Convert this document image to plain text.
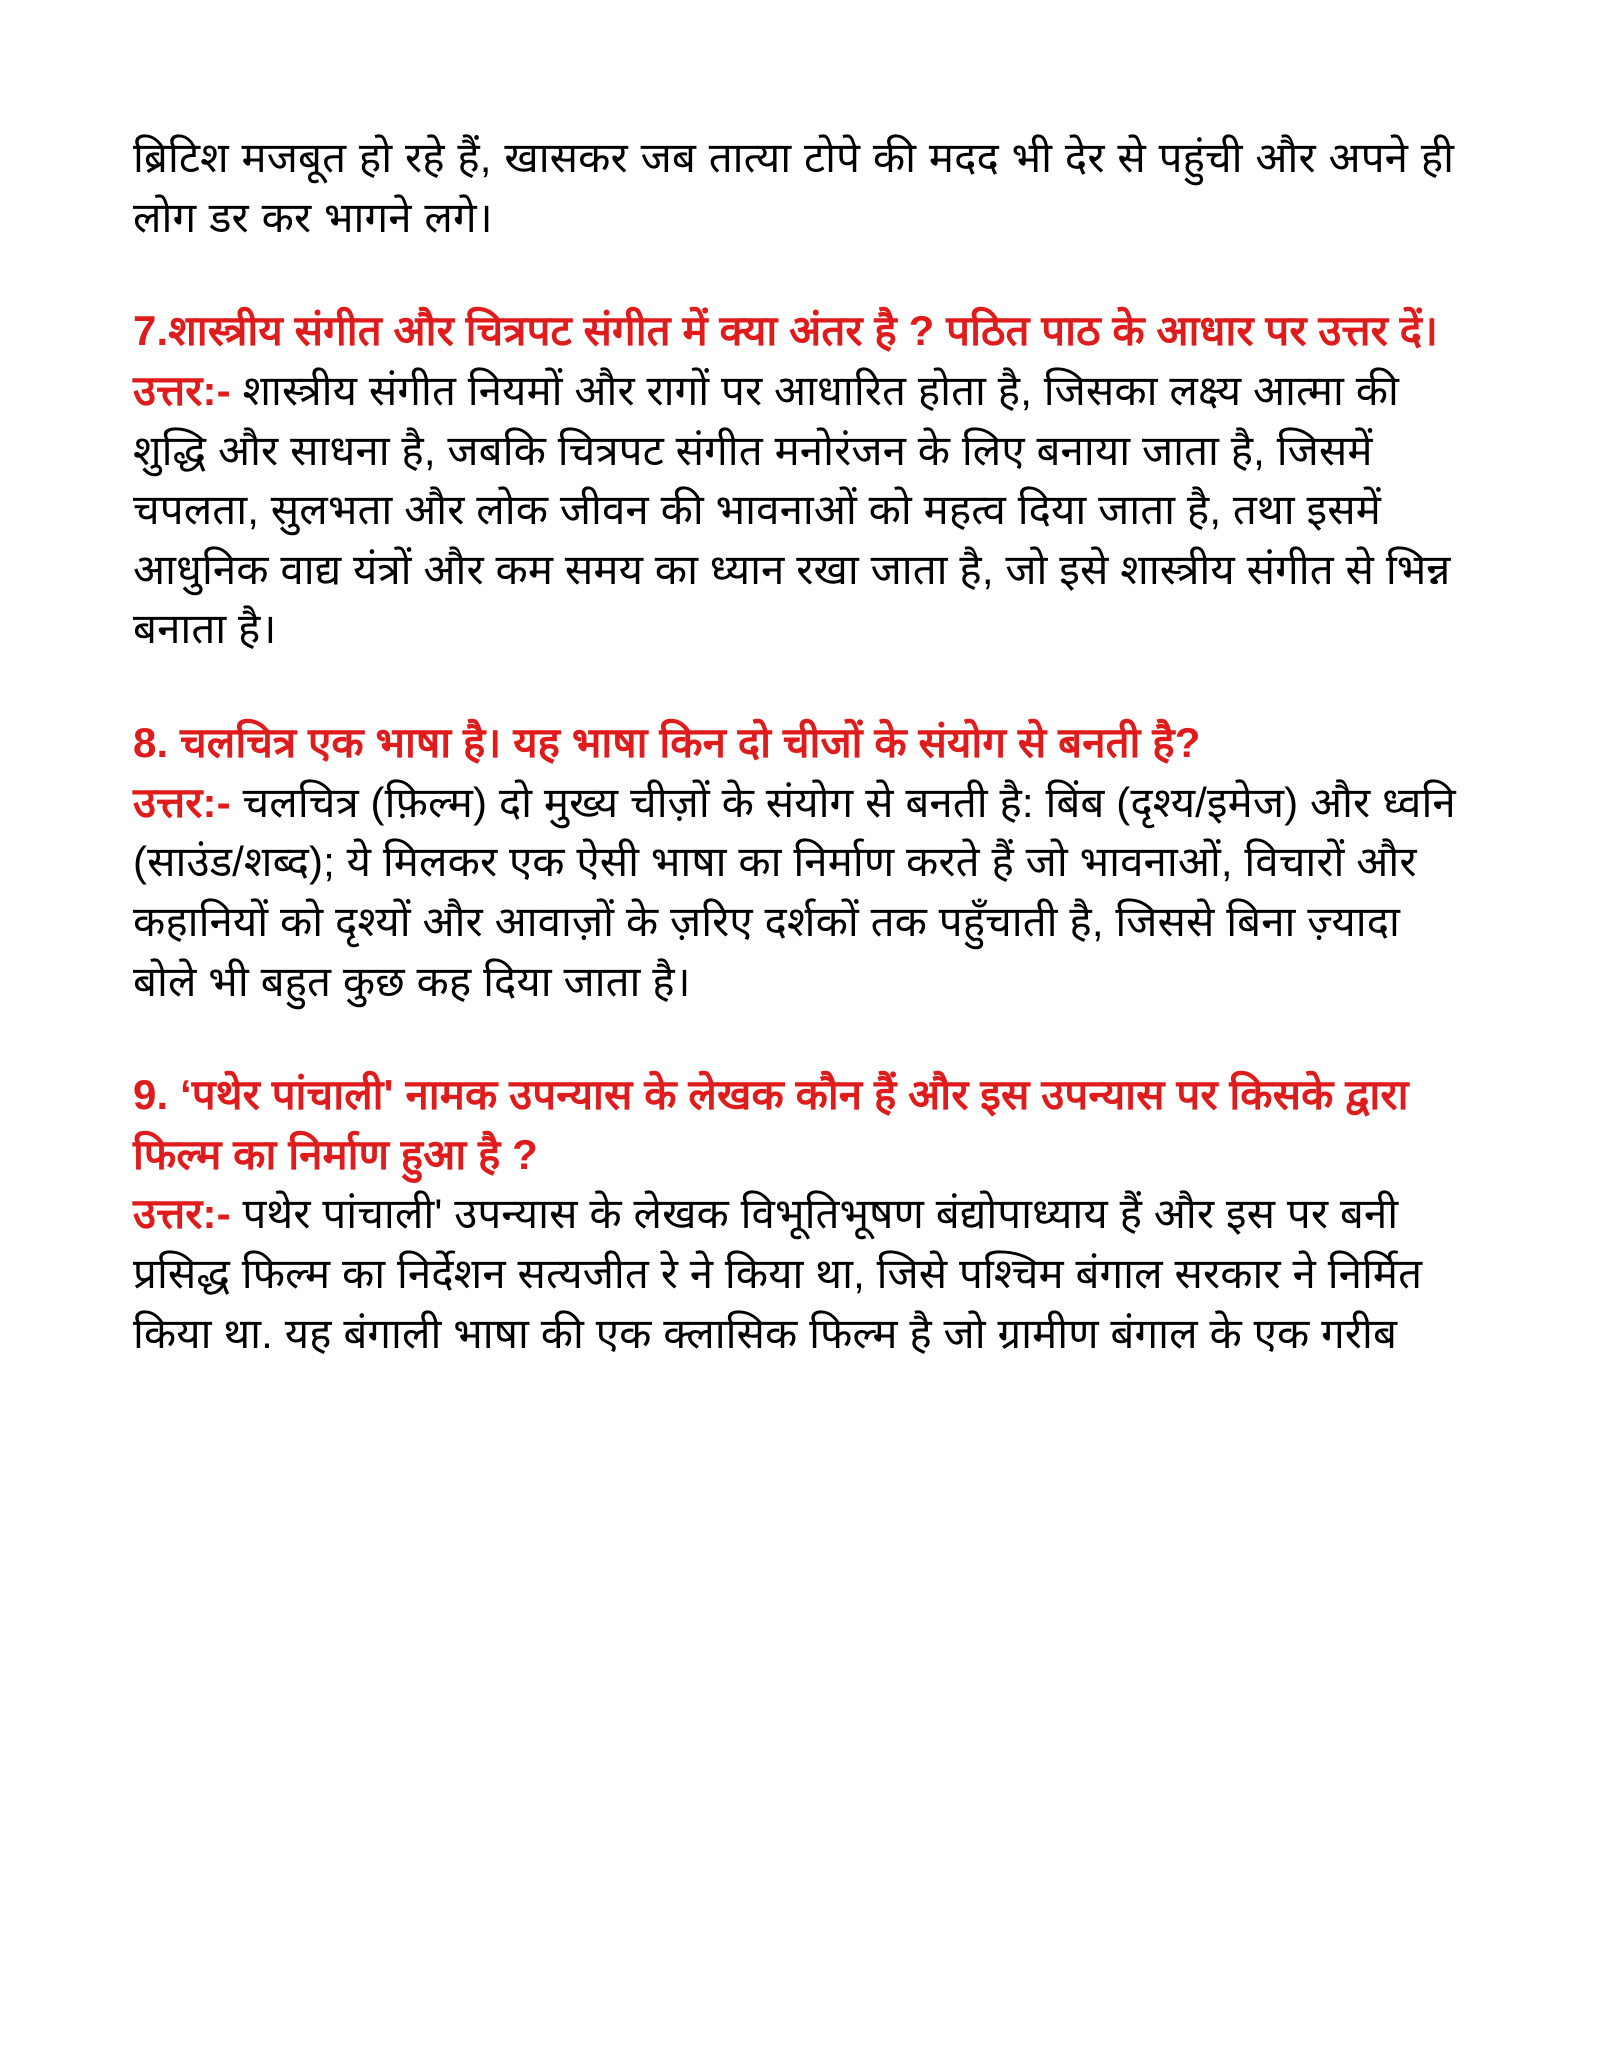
ब्रिटिश मजबूत हो रहे हैं, खासकर जब तात्या टोपे की मदद भी देर से पहुंची और अपने ही लोग डर कर भागने लगे।

7.शास्त्रीय संगीत और चित्रपट संगीत में क्या अंतर है ? पठित पाठ के आधार पर उत्तर दें।

उत्तर:- शास्त्रीय संगीत नियमों और रागों पर आधारित होता है, जिसका लक्ष्य आत्मा की शुद्धि और साधना है, जबकि चित्रपट संगीत मनोरंजन के लिए बनाया जाता है, जिसमें चपलता, सुलभता और लोक जीवन की भावनाओं को महत्व दिया जाता है, तथा इसमें आधुनिक वाद्य यंत्रों और कम समय का ध्यान रखा जाता है, जो इसे शास्त्रीय संगीत से भिन्न बनाता है।

8. चलचित्र एक भाषा है। यह भाषा किन दो चीजों के संयोग से बनती है?

उत्तर:- चलचित्र (फ़िल्म) दो मुख्य चीज़ों के संयोग से बनती है: बिंब (दृश्य/इमेज) और ध्वनि (साउंड/शब्द); ये मिलकर एक ऐसी भाषा का निर्माण करते हैं जो भावनाओं, विचारों और कहानियों को दृश्यों और आवाज़ों के ज़रिए दर्शकों तक पहुँचाती है, जिससे बिना ज़्यादा बोले भी बहुत कुछ कह दिया जाता है।

9. ‘पथेर पांचाली' नामक उपन्यास के लेखक कौन हैं और इस उपन्यास पर किसके द्वारा फिल्म का निर्माण हुआ है ?

उत्तर:- पथेर पांचाली' उपन्यास के लेखक विभूतिभूषण बंद्योपाध्याय हैं और इस पर बनी प्रसिद्ध फिल्म का निर्देशन सत्यजीत रे ने किया था, जिसे पश्चिम बंगाल सरकार ने निर्मित किया था. यह बंगाली भाषा की एक क्लासिक फिल्म है जो ग्रामीण बंगाल के एक गरीब
